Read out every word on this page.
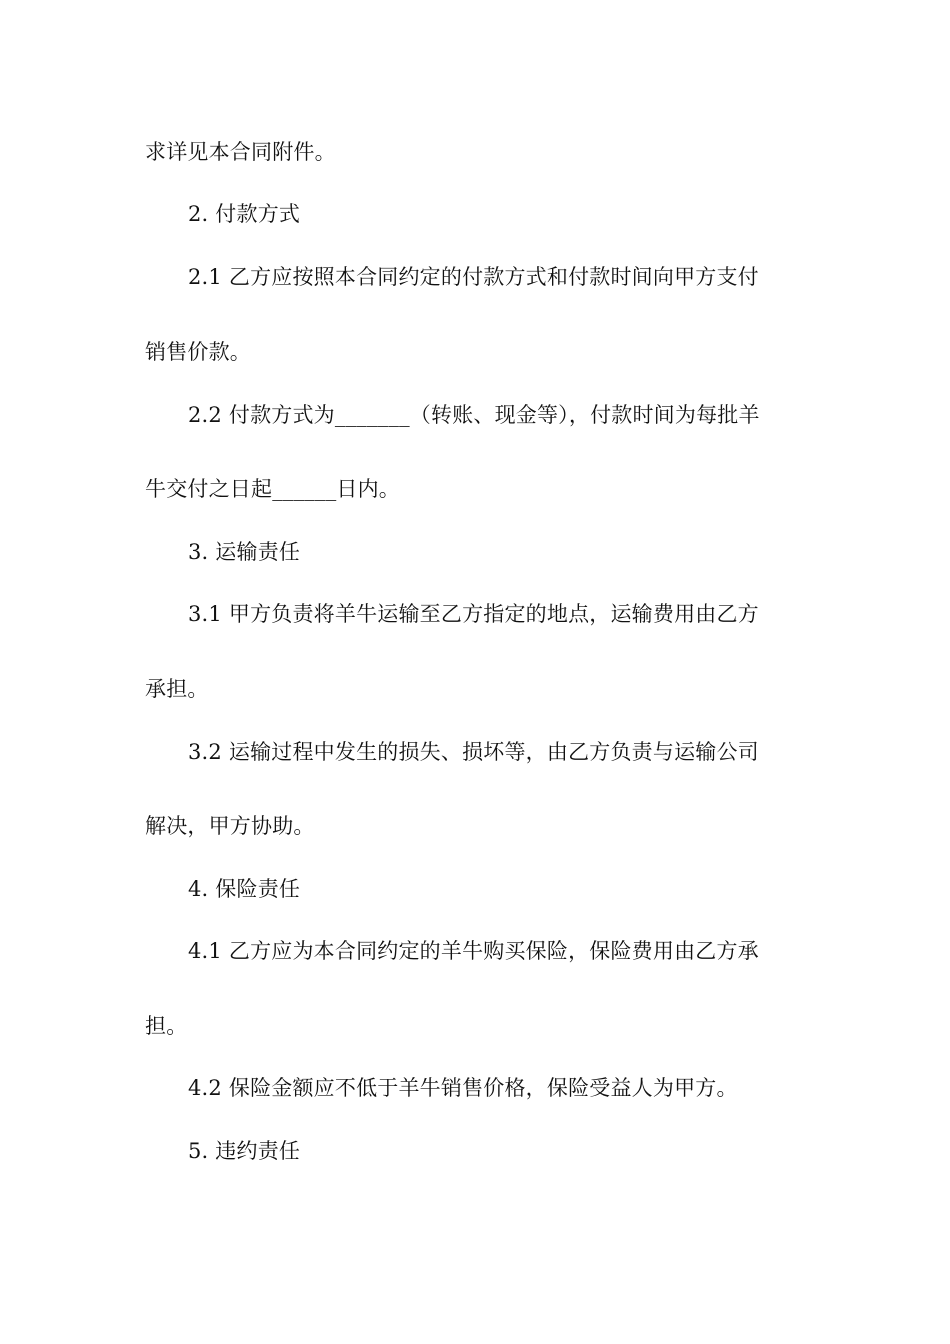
求详见本合同附件。
2. 付款方式
2.1 乙方应按照本合同约定的付款方式和付款时间向甲方支付
销售价款。
2.2 付款方式为_______（转账、现金等），付款时间为每批羊
牛交付之日起______日内。
3. 运输责任
3.1 甲方负责将羊牛运输至乙方指定的地点，运输费用由乙方
承担。
3.2 运输过程中发生的损失、损坏等，由乙方负责与运输公司
解决，甲方协助。
4. 保险责任
4.1 乙方应为本合同约定的羊牛购买保险，保险费用由乙方承
担。
4.2 保险金额应不低于羊牛销售价格，保险受益人为甲方。
5. 违约责任
